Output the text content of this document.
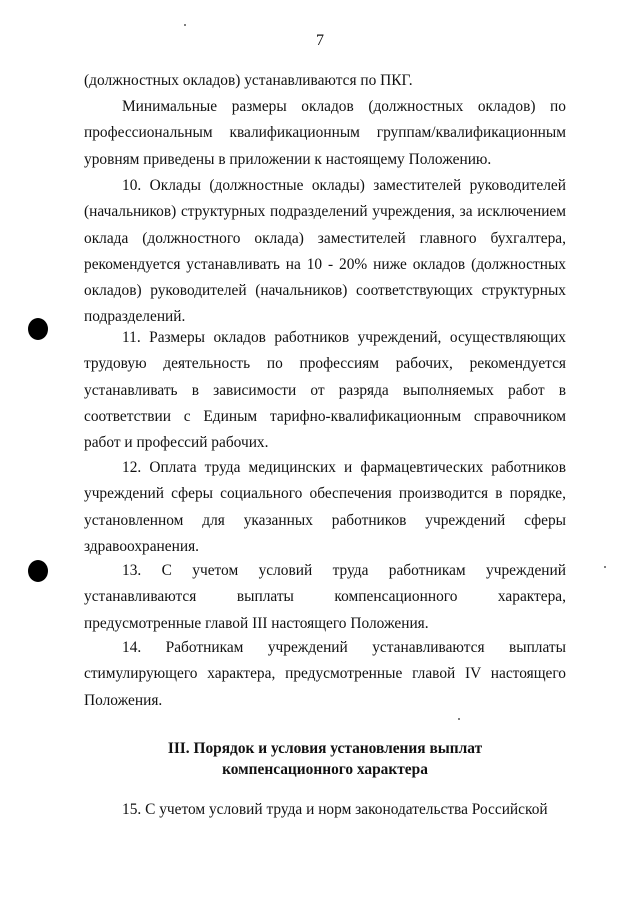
7
(должностных окладов) устанавливаются по ПКГ.
Минимальные размеры окладов (должностных окладов) по профессиональным квалификационным группам/квалификационным уровням приведены в приложении к настоящему Положению.
10. Оклады (должностные оклады) заместителей руководителей (начальников) структурных подразделений учреждения, за исключением оклада (должностного оклада) заместителей главного бухгалтера, рекомендуется устанавливать на 10 - 20% ниже окладов (должностных окладов) руководителей (начальников) соответствующих структурных подразделений.
11. Размеры окладов работников учреждений, осуществляющих трудовую деятельность по профессиям рабочих, рекомендуется устанавливать в зависимости от разряда выполняемых работ в соответствии с Единым тарифно-квалификационным справочником работ и профессий рабочих.
12. Оплата труда медицинских и фармацевтических работников учреждений сферы социального обеспечения производится в порядке, установленном для указанных работников учреждений сферы здравоохранения.
13. С учетом условий труда работникам учреждений устанавливаются выплаты компенсационного характера, предусмотренные главой III настоящего Положения.
14. Работникам учреждений устанавливаются выплаты стимулирующего характера, предусмотренные главой IV настоящего Положения.
III. Порядок и условия установления выплат
компенсационного характера
15. С учетом условий труда и норм законодательства Российской
